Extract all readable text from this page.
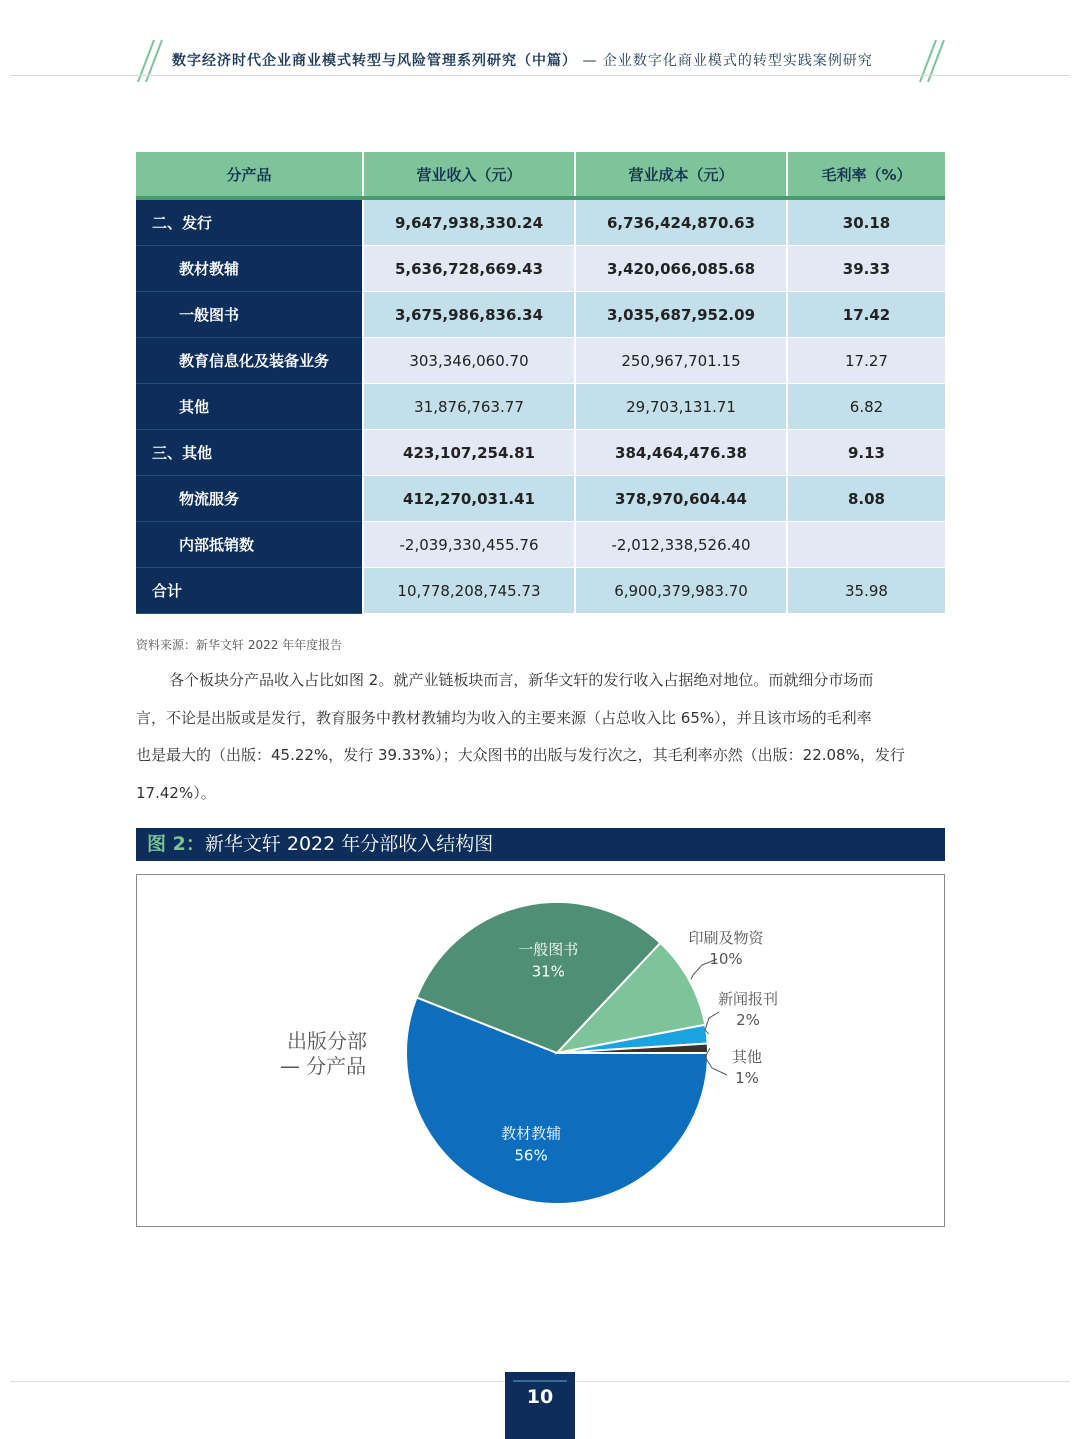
数字经济时代企业商业模式转型与风险管理系列研究（中篇） — 企业数字化商业模式的转型实践案例研究
分产品	营业收入（元）	营业成本（元）	毛利率（%）
二、发行	9,647,938,330.24	6,736,424,870.63	30.18
教材教辅	5,636,728,669.43	3,420,066,085.68	39.33
一般图书	3,675,986,836.34	3,035,687,952.09	17.42
教育信息化及装备业务	303,346,060.70	250,967,701.15	17.27
其他	31,876,763.77	29,703,131.71	6.82
三、其他	423,107,254.81	384,464,476.38	9.13
物流服务	412,270,031.41	378,970,604.44	8.08
内部抵销数	-2,039,330,455.76	-2,012,338,526.40	
合计	10,778,208,745.73	6,900,379,983.70	35.98
资料来源：新华文轩 2022 年年度报告
各个板块分产品收入占比如图 2。就产业链板块而言，新华文轩的发行收入占据绝对地位。而就细分市场而
言，不论是出版或是发行，教育服务中教材教辅均为收入的主要来源（占总收入比 65%），并且该市场的毛利率
也是最大的（出版：45.22%，发行 39.33%）；大众图书的出版与发行次之，其毛利率亦然（出版：22.08%，发行
17.42%）。
图 2：新华文轩 2022 年分部收入结构图
出版分部
— 分产品
教材教辅
56%
一般图书
31%
印刷及物资
10%
新闻报刊
2%
其他
1%
10
